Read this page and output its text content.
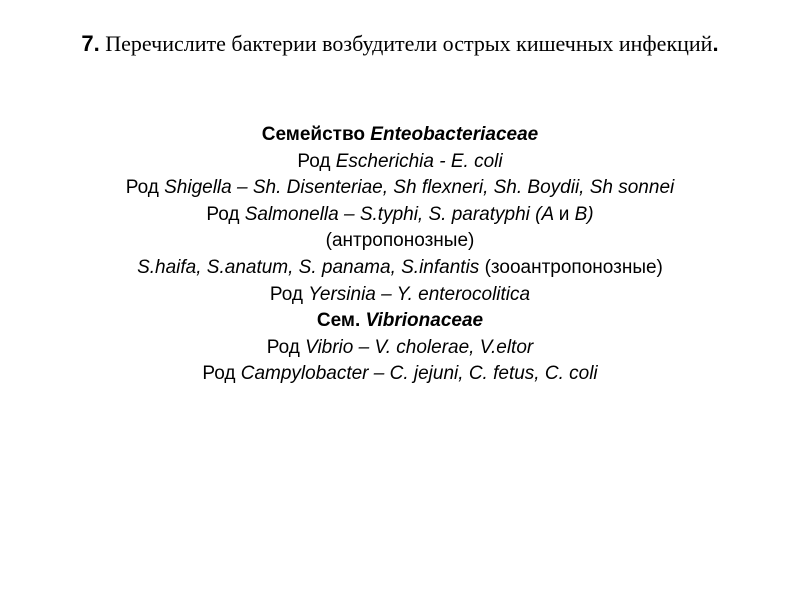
7. Перечислите бактерии возбудители острых кишечных инфекций.
Семейство Enteobacteriaceae
Род Escherichia - E. coli
Род Shigella – Sh. Disenteriae, Sh flexneri, Sh. Boydii, Sh sonnei
Род Salmonella – S.typhi, S. paratyphi (A и B)
(антропонозные)
S.haifa, S.anatum, S. panama, S.infantis (зооантропонозные)
Род Yersinia – Y. enterocolitica
Сем. Vibrionaceae
Род Vibrio – V. cholerae, V.eltor
Род Campylobacter – C. jejuni, C. fetus, C. coli
